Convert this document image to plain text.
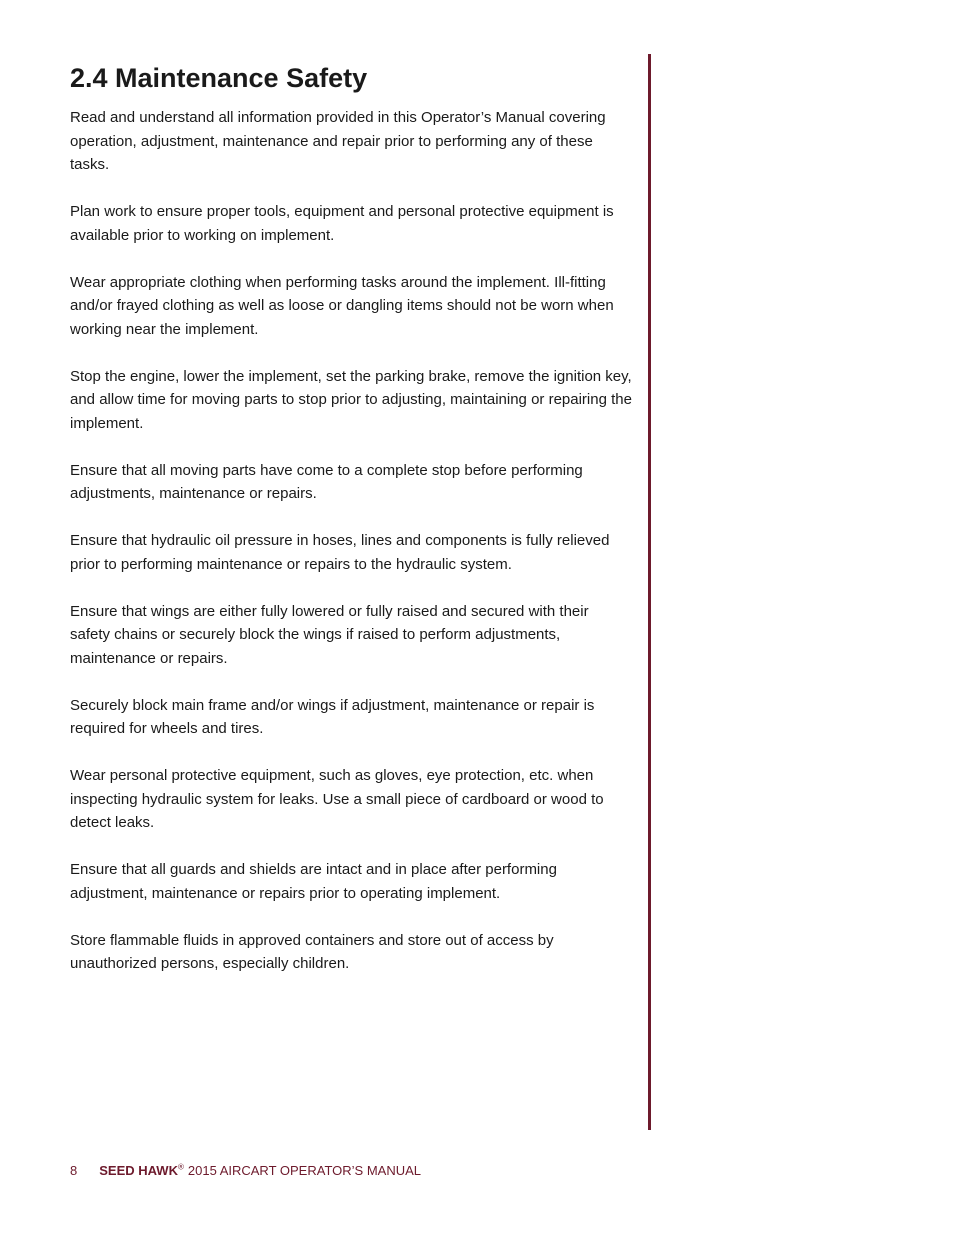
2.4 Maintenance Safety

Read and understand all information provided in this Operator’s Manual covering operation, adjustment, maintenance and repair prior to performing any of these tasks.

Plan work to ensure proper tools, equipment and personal protective equipment is available prior to working on implement.

Wear appropriate clothing when performing tasks around the implement. Ill-fitting and/or frayed clothing as well as loose or dangling items should not be worn when working near the implement.

Stop the engine, lower the implement, set the parking brake, remove the ignition key, and allow time for moving parts to stop prior to adjusting, maintaining or repairing the implement.

Ensure that all moving parts have come to a complete stop before performing adjustments, maintenance or repairs.

Ensure that hydraulic oil pressure in hoses, lines and components is fully relieved prior to performing maintenance or repairs to the hydraulic system.

Ensure that wings are either fully lowered or fully raised and secured with their safety chains or securely block the wings if raised to perform adjustments, maintenance or repairs.

Securely block main frame and/or wings if adjustment, maintenance or repair is required for wheels and tires.

Wear personal protective equipment, such as gloves, eye protection, etc. when inspecting hydraulic system for leaks. Use a small piece of cardboard or wood to detect leaks.

Ensure that all guards and shields are intact and in place after performing adjustment, maintenance or repairs prior to operating implement.

Store flammable fluids in approved containers and store out of access by unauthorized persons, especially children.

8 SEED HAWK® 2015 AIRCART OPERATOR’S MANUAL
